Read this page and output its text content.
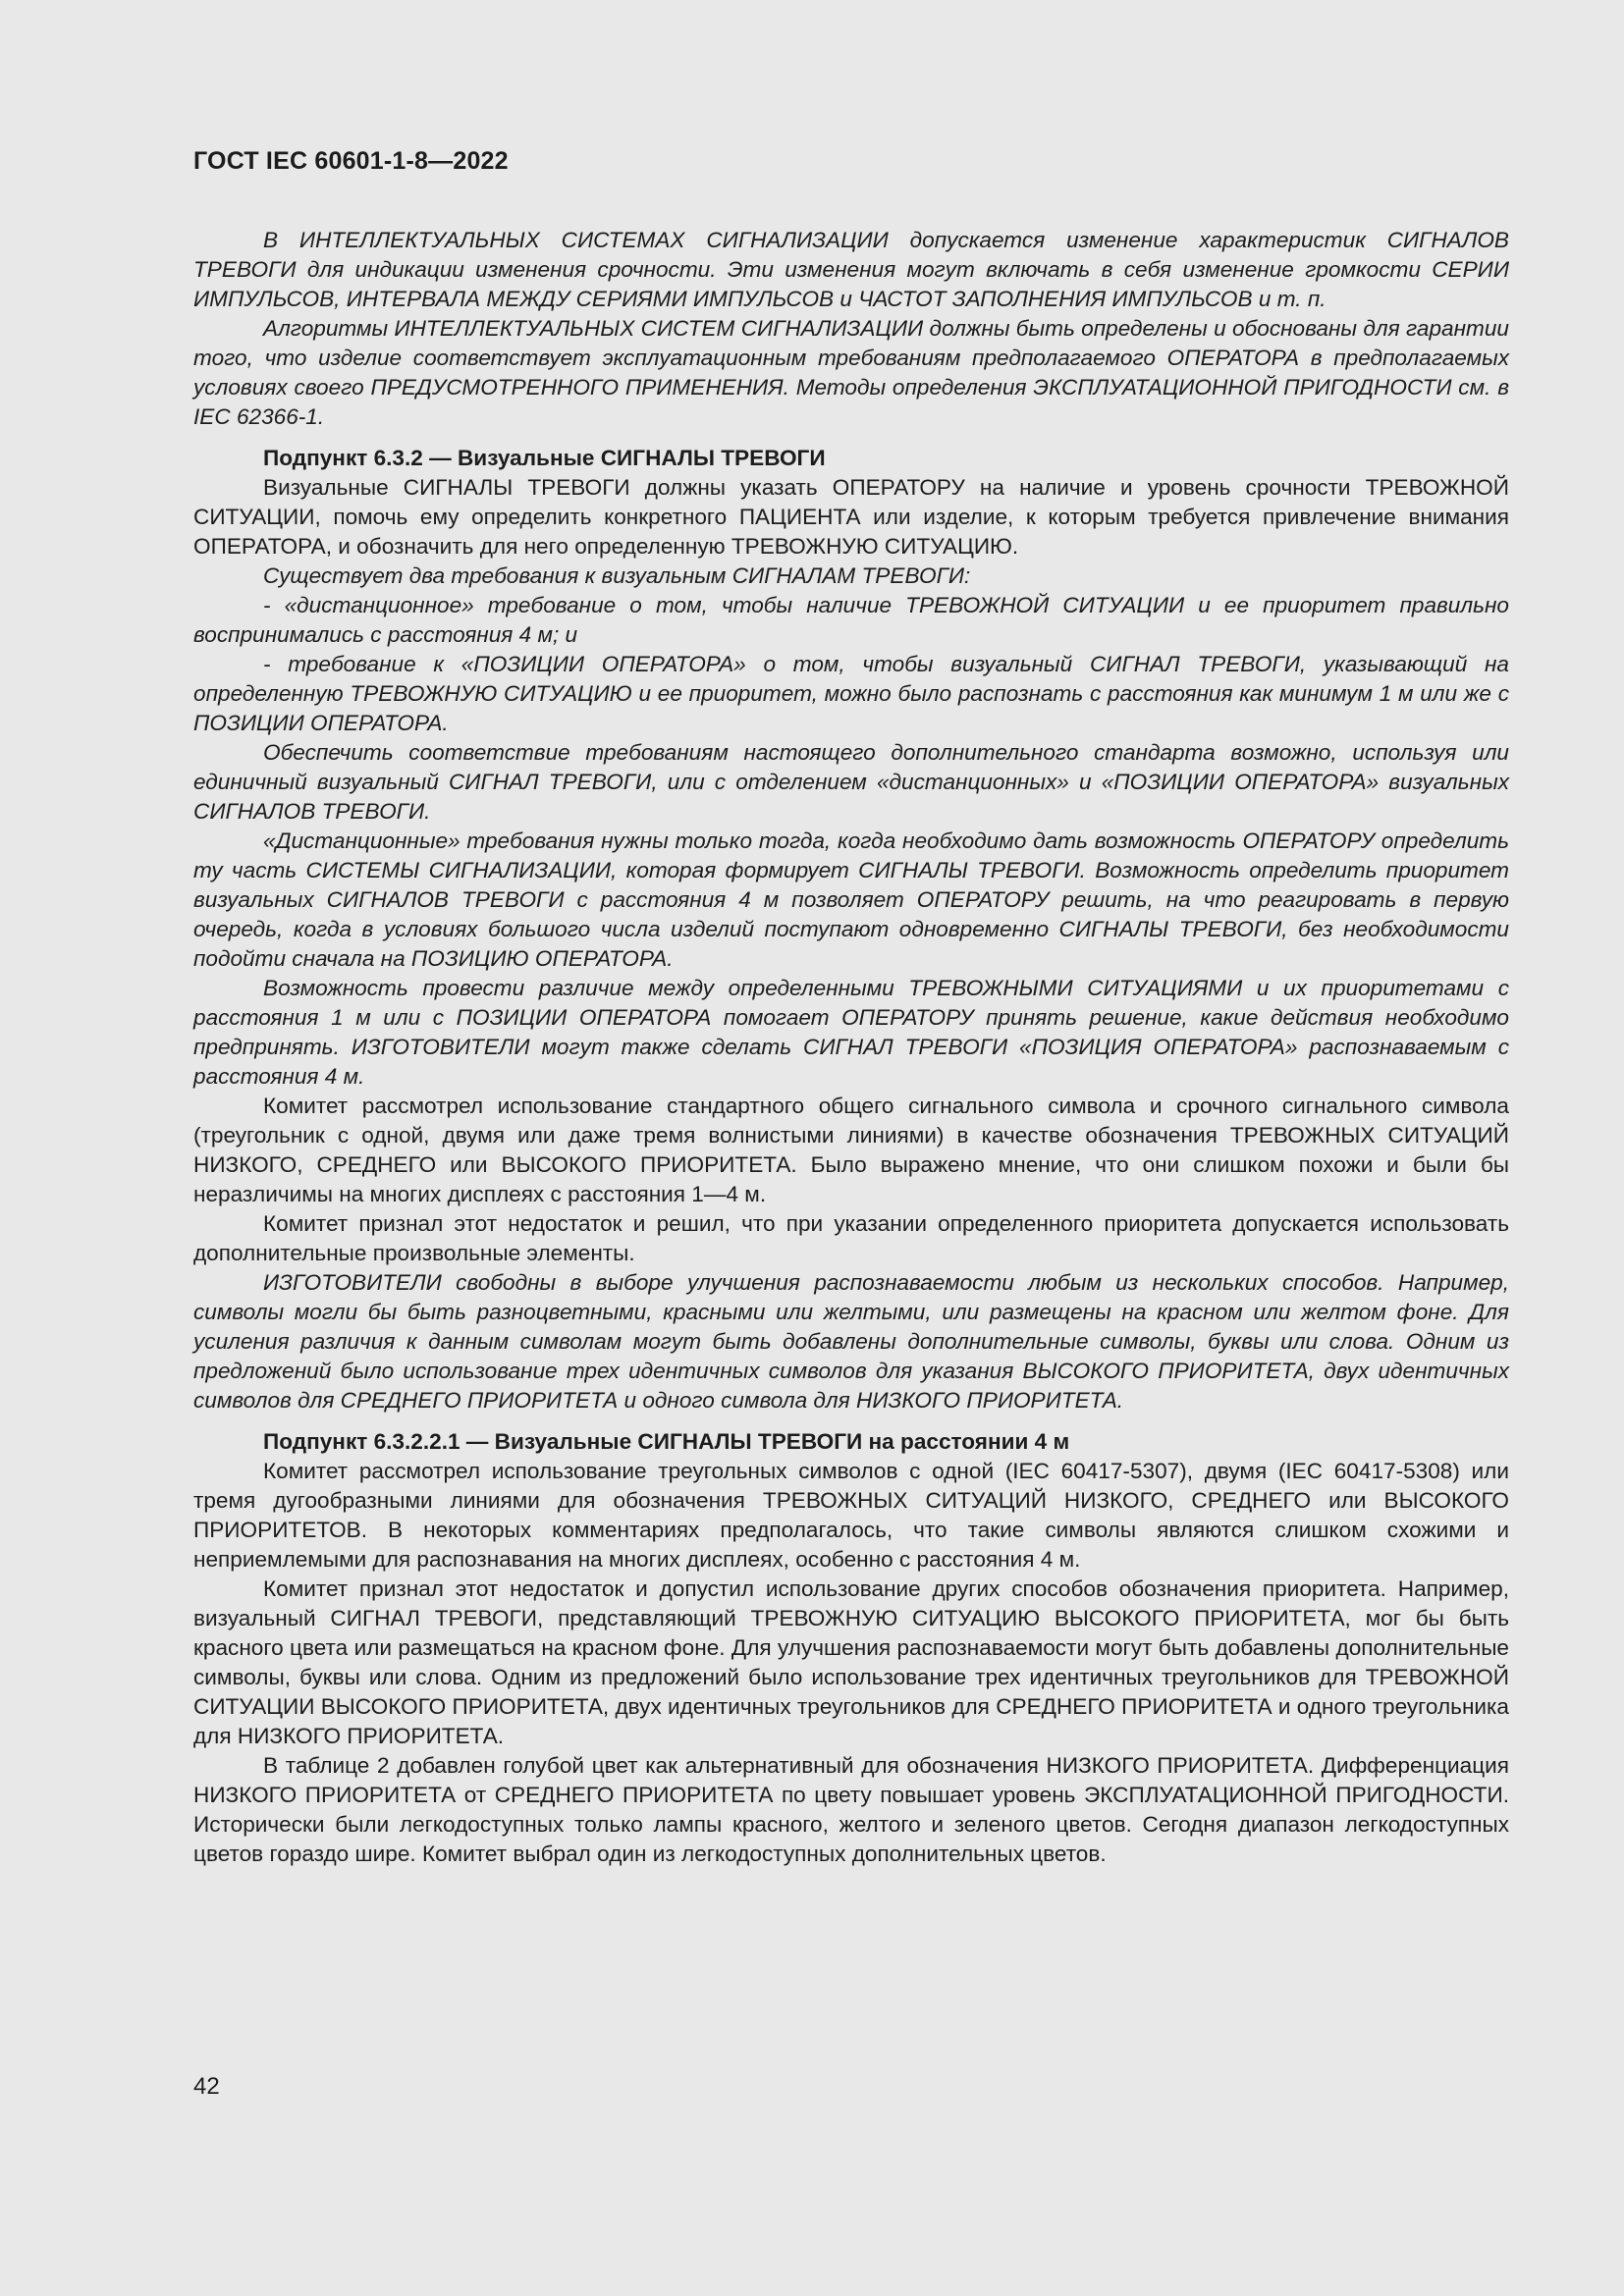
ГОСТ IEC 60601-1-8—2022

В ИНТЕЛЛЕКТУАЛЬНЫХ СИСТЕМАХ СИГНАЛИЗАЦИИ допускается изменение характеристик СИГНАЛОВ ТРЕВОГИ для индикации изменения срочности. Эти изменения могут включать в себя изменение громкости СЕРИИ ИМПУЛЬСОВ, ИНТЕРВАЛА МЕЖДУ СЕРИЯМИ ИМПУЛЬСОВ и ЧАСТОТ ЗАПОЛНЕНИЯ ИМПУЛЬСОВ и т. п.

Алгоритмы ИНТЕЛЛЕКТУАЛЬНЫХ СИСТЕМ СИГНАЛИЗАЦИИ должны быть определены и обоснованы для гарантии того, что изделие соответствует эксплуатационным требованиям предполагаемого ОПЕРАТОРА в предполагаемых условиях своего ПРЕДУСМОТРЕННОГО ПРИМЕНЕНИЯ. Методы определения ЭКСПЛУАТАЦИОННОЙ ПРИГОДНОСТИ см. в IEC 62366-1.

Подпункт 6.3.2 — Визуальные СИГНАЛЫ ТРЕВОГИ

Визуальные СИГНАЛЫ ТРЕВОГИ должны указать ОПЕРАТОРУ на наличие и уровень срочности ТРЕВОЖНОЙ СИТУАЦИИ, помочь ему определить конкретного ПАЦИЕНТА или изделие, к которым требуется привлечение внимания ОПЕРАТОРА, и обозначить для него определенную ТРЕВОЖНУЮ СИТУАЦИЮ.

Существует два требования к визуальным СИГНАЛАМ ТРЕВОГИ:

- «дистанционное» требование о том, чтобы наличие ТРЕВОЖНОЙ СИТУАЦИИ и ее приоритет правильно воспринимались с расстояния 4 м; и

- требование к «ПОЗИЦИИ ОПЕРАТОРА» о том, чтобы визуальный СИГНАЛ ТРЕВОГИ, указывающий на определенную ТРЕВОЖНУЮ СИТУАЦИЮ и ее приоритет, можно было распознать с расстояния как минимум 1 м или же с ПОЗИЦИИ ОПЕРАТОРА.

Обеспечить соответствие требованиям настоящего дополнительного стандарта возможно, используя или единичный визуальный СИГНАЛ ТРЕВОГИ, или с отделением «дистанционных» и «ПОЗИЦИИ ОПЕРАТОРА» визуальных СИГНАЛОВ ТРЕВОГИ.

«Дистанционные» требования нужны только тогда, когда необходимо дать возможность ОПЕРАТОРУ определить ту часть СИСТЕМЫ СИГНАЛИЗАЦИИ, которая формирует СИГНАЛЫ ТРЕВОГИ. Возможность определить приоритет визуальных СИГНАЛОВ ТРЕВОГИ с расстояния 4 м позволяет ОПЕРАТОРУ решить, на что реагировать в первую очередь, когда в условиях большого числа изделий поступают одновременно СИГНАЛЫ ТРЕВОГИ, без необходимости подойти сначала на ПОЗИЦИЮ ОПЕРАТОРА.

Возможность провести различие между определенными ТРЕВОЖНЫМИ СИТУАЦИЯМИ и их приоритетами с расстояния 1 м или с ПОЗИЦИИ ОПЕРАТОРА помогает ОПЕРАТОРУ принять решение, какие действия необходимо предпринять. ИЗГОТОВИТЕЛИ могут также сделать СИГНАЛ ТРЕВОГИ «ПОЗИЦИЯ ОПЕРАТОРА» распознаваемым с расстояния 4 м.

Комитет рассмотрел использование стандартного общего сигнального символа и срочного сигнального символа (треугольник с одной, двумя или даже тремя волнистыми линиями) в качестве обозначения ТРЕВОЖНЫХ СИТУАЦИЙ НИЗКОГО, СРЕДНЕГО или ВЫСОКОГО ПРИОРИТЕТА. Было выражено мнение, что они слишком похожи и были бы неразличимы на многих дисплеях с расстояния 1—4 м.

Комитет признал этот недостаток и решил, что при указании определенного приоритета допускается использовать дополнительные произвольные элементы.

ИЗГОТОВИТЕЛИ свободны в выборе улучшения распознаваемости любым из нескольких способов. Например, символы могли бы быть разноцветными, красными или желтыми, или размещены на красном или желтом фоне. Для усиления различия к данным символам могут быть добавлены дополнительные символы, буквы или слова. Одним из предложений было использование трех идентичных символов для указания ВЫСОКОГО ПРИОРИТЕТА, двух идентичных символов для СРЕДНЕГО ПРИОРИТЕТА и одного символа для НИЗКОГО ПРИОРИТЕТА.

Подпункт 6.3.2.2.1 — Визуальные СИГНАЛЫ ТРЕВОГИ на расстоянии 4 м

Комитет рассмотрел использование треугольных символов с одной (IEC 60417-5307), двумя (IEC 60417-5308) или тремя дугообразными линиями для обозначения ТРЕВОЖНЫХ СИТУАЦИЙ НИЗКОГО, СРЕДНЕГО или ВЫСОКОГО ПРИОРИТЕТОВ. В некоторых комментариях предполагалось, что такие символы являются слишком схожими и неприемлемыми для распознавания на многих дисплеях, особенно с расстояния 4 м.

Комитет признал этот недостаток и допустил использование других способов обозначения приоритета. Например, визуальный СИГНАЛ ТРЕВОГИ, представляющий ТРЕВОЖНУЮ СИТУАЦИЮ ВЫСОКОГО ПРИОРИТЕТА, мог бы быть красного цвета или размещаться на красном фоне. Для улучшения распознаваемости могут быть добавлены дополнительные символы, буквы или слова. Одним из предложений было использование трех идентичных треугольников для ТРЕВОЖНОЙ СИТУАЦИИ ВЫСОКОГО ПРИОРИТЕТА, двух идентичных треугольников для СРЕДНЕГО ПРИОРИТЕТА и одного треугольника для НИЗКОГО ПРИОРИТЕТА.

В таблице 2 добавлен голубой цвет как альтернативный для обозначения НИЗКОГО ПРИОРИТЕТА. Дифференциация НИЗКОГО ПРИОРИТЕТА от СРЕДНЕГО ПРИОРИТЕТА по цвету повышает уровень ЭКСПЛУАТАЦИОННОЙ ПРИГОДНОСТИ. Исторически были легкодоступных только лампы красного, желтого и зеленого цветов. Сегодня диапазон легкодоступных цветов гораздо шире. Комитет выбрал один из легкодоступных дополнительных цветов.

42
